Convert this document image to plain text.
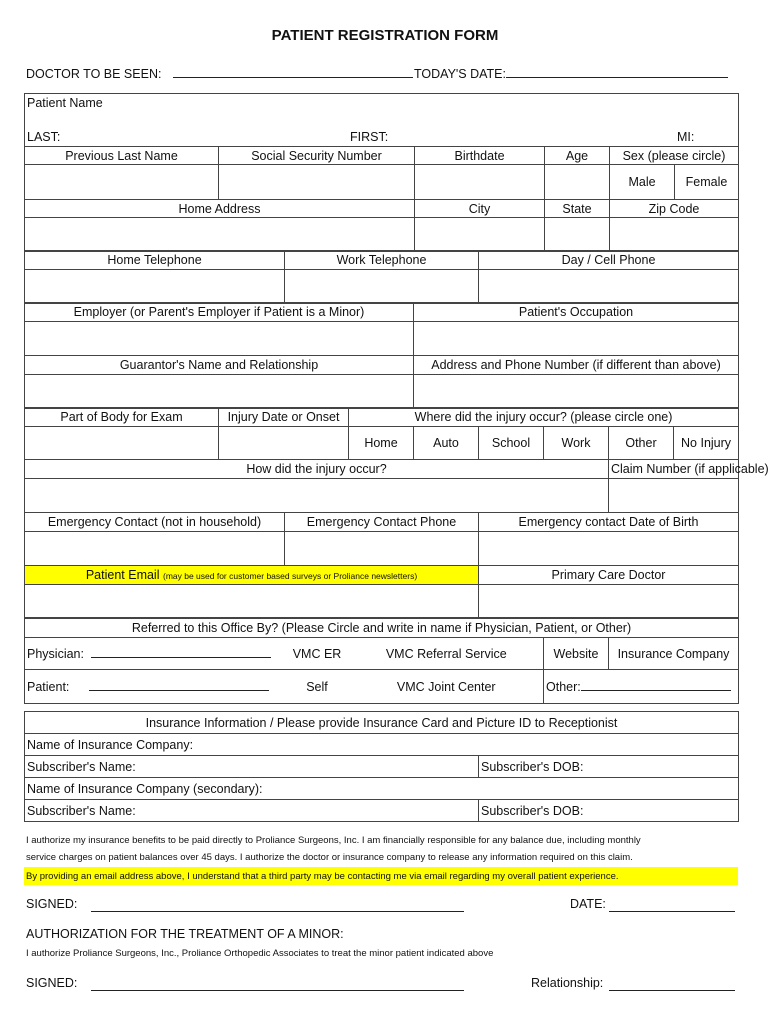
PATIENT REGISTRATION FORM
DOCTOR TO BE SEEN:	TODAY'S DATE:
Patient Name					
LAST: FIRST: MI:					

Previous Last Name	Social Security Number	Birthdate	Age	Sex (please circle)	
				Male	Female
Home Address		City	State	Zip Code	

Home Telephone	Work Telephone	Day / Cell Phone

Employer (or Parent's Employer if Patient is a Minor)	Patient's Occupation

Guarantor's Name and Relationship	Address and Phone Number (if different than above)

Part of Body for Exam	Injury Date or Onset	Where did the injury occur? (please circle one)					
		Home	Auto	School	Work	Other	No Injury
How did the injury occur?						Claim Number (if applicable)	

Emergency Contact (not in household)	Emergency Contact Phone	Emergency contact Date of Birth

Patient Email (may be used for customer based surveys or Proliance newsletters)		Primary Care Doctor

Referred to this Office By? (Please Circle and write in name if Physician, Patient, or Other)				
Physician:	VMC ER	VMC Referral Service	Website	Insurance Company
Patient:	Self	VMC Joint Center	Other:	
Insurance Information / Please provide Insurance Card and Picture ID to Receptionist	
Name of Insurance Company:	
Subscriber's Name:	Subscriber's DOB:
Name of Insurance Company (secondary):	
Subscriber's Name:	Subscriber's DOB:
I authorize my insurance benefits to be paid directly to Proliance Surgeons, Inc. I am financially responsible for any balance due, including monthly
service charges on patient balances over 45 days. I authorize the doctor or insurance company to release any information required on this claim.
By providing an email address above, I understand that a third party may be contacting me via email regarding my overall patient experience.
SIGNED:	DATE:
AUTHORIZATION FOR THE TREATMENT OF A MINOR:
I authorize Proliance Surgeons, Inc., Proliance Orthopedic Associates to treat the minor patient indicated above
SIGNED:	Relationship:
